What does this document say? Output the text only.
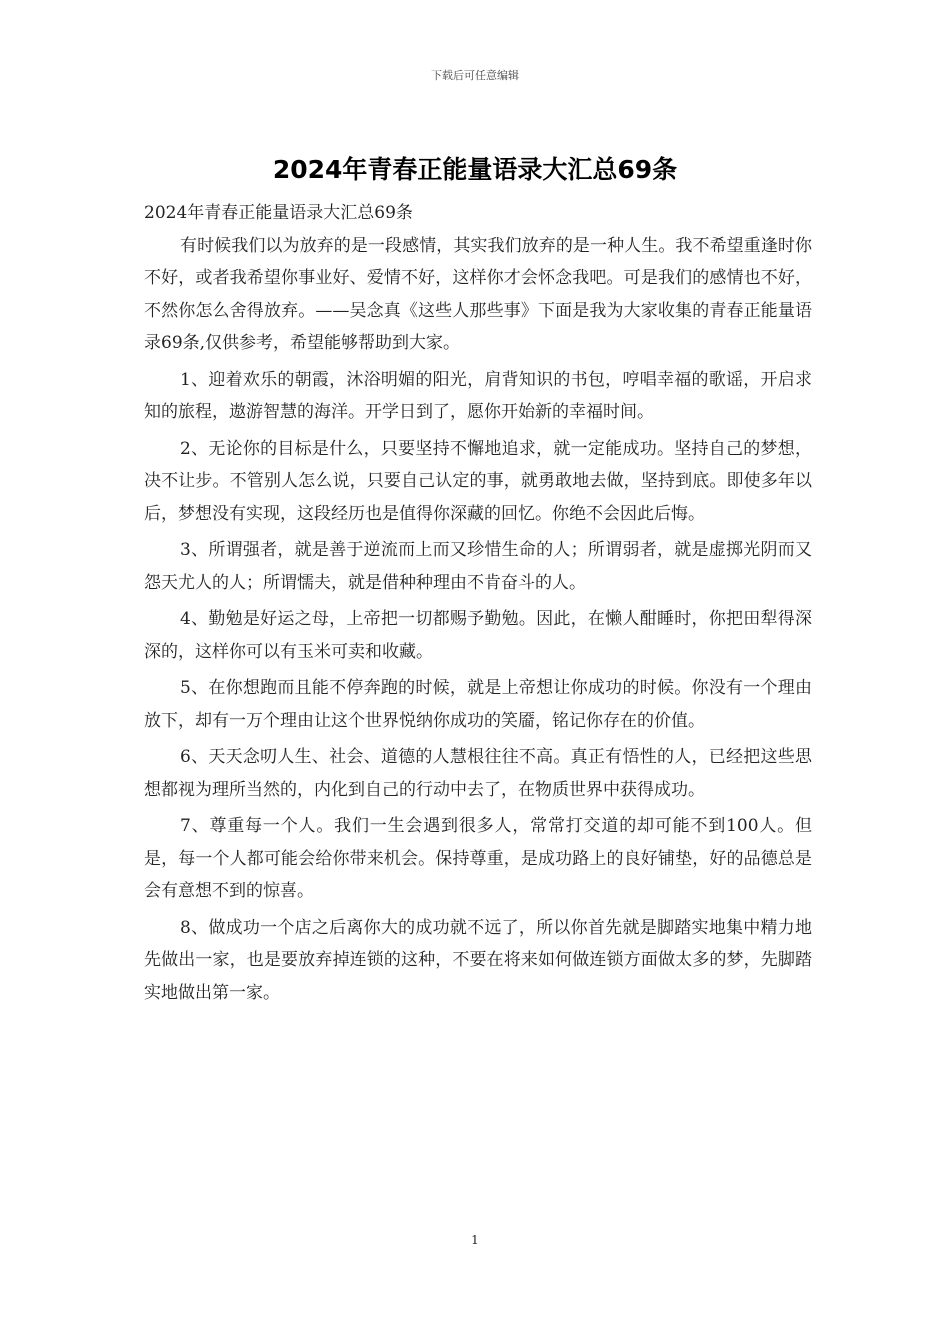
下载后可任意编辑
2024年青春正能量语录大汇总69条

2024年青春正能量语录大汇总69条

有时候我们以为放弃的是一段感情，其实我们放弃的是一种人生。我不希望重逢时你不好，或者我希望你事业好、爱情不好，这样你才会怀念我吧。可是我们的感情也不好，不然你怎么舍得放弃。——吴念真《这些人那些事》下面是我为大家收集的青春正能量语录69条,仅供参考，希望能够帮助到大家。

1、迎着欢乐的朝霞，沐浴明媚的阳光，肩背知识的书包，哼唱幸福的歌谣，开启求知的旅程，遨游智慧的海洋。开学日到了，愿你开始新的幸福时间。

2、无论你的目标是什么，只要坚持不懈地追求，就一定能成功。坚持自己的梦想，决不让步。不管别人怎么说，只要自己认定的事，就勇敢地去做，坚持到底。即使多年以后，梦想没有实现，这段经历也是值得你深藏的回忆。你绝不会因此后悔。

3、所谓强者，就是善于逆流而上而又珍惜生命的人；所谓弱者，就是虚掷光阴而又怨天尤人的人；所谓懦夫，就是借种种理由不肯奋斗的人。

4、勤勉是好运之母，上帝把一切都赐予勤勉。因此，在懒人酣睡时，你把田犁得深深的，这样你可以有玉米可卖和收藏。

5、在你想跑而且能不停奔跑的时候，就是上帝想让你成功的时候。你没有一个理由放下，却有一万个理由让这个世界悦纳你成功的笑靥，铭记你存在的价值。

6、天天念叨人生、社会、道德的人慧根往往不高。真正有悟性的人，已经把这些思想都视为理所当然的，内化到自己的行动中去了，在物质世界中获得成功。

7、尊重每一个人。我们一生会遇到很多人，常常打交道的却可能不到100人。但是，每一个人都可能会给你带来机会。保持尊重，是成功路上的良好铺垫，好的品德总是会有意想不到的惊喜。

8、做成功一个店之后离你大的成功就不远了，所以你首先就是脚踏实地集中精力地先做出一家，也是要放弃掉连锁的这种，不要在将来如何做连锁方面做太多的梦，先脚踏实地做出第一家。

1
